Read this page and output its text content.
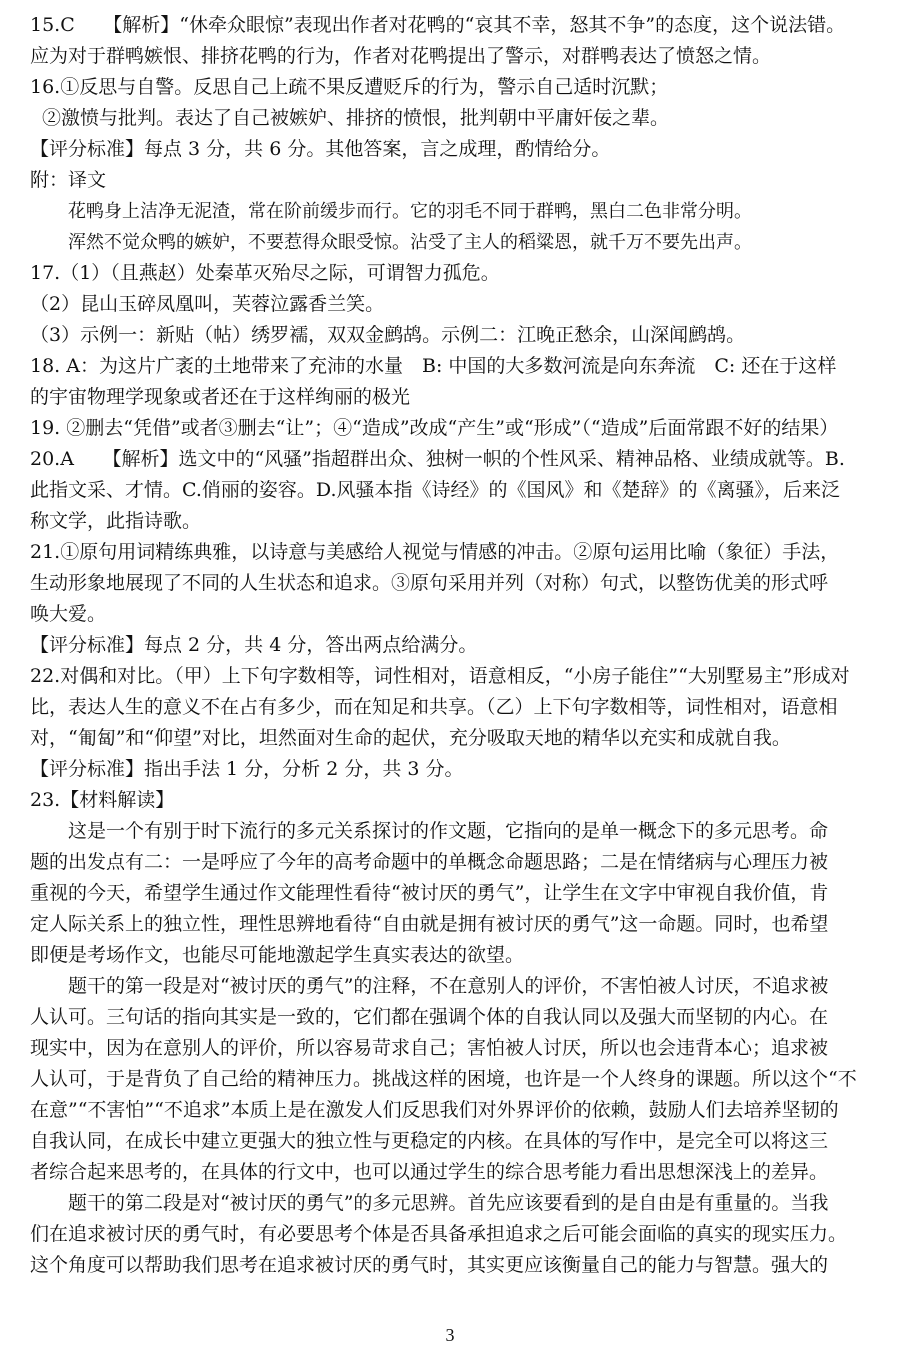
15.C　　【解析】“休牵众眼惊”表现出作者对花鸭的“哀其不幸，怒其不争”的态度，这个说法错。
应为对于群鸭嫉恨、排挤花鸭的行为，作者对花鸭提出了警示，对群鸭表达了愤怒之情。
16.①反思与自警。反思自己上疏不果反遭贬斥的行为，警示自己适时沉默；
②激愤与批判。表达了自己被嫉妒、排挤的愤恨，批判朝中平庸奸佞之辈。
【评分标准】每点 3 分，共 6 分。其他答案，言之成理，酌情给分。
附：译文
花鸭身上洁净无泥渣，常在阶前缓步而行。它的羽毛不同于群鸭，黑白二色非常分明。
浑然不觉众鸭的嫉妒，不要惹得众眼受惊。沾受了主人的稻粱恩，就千万不要先出声。
17.（1）（且燕赵）处秦革灭殆尽之际，可谓智力孤危。
（2）昆山玉碎凤凰叫，芙蓉泣露香兰笑。
（3）示例一：新贴（帖）绣罗襦，双双金鹧鸪。示例二：江晚正愁余，山深闻鹧鸪。
18. A：为这片广袤的土地带来了充沛的水量　B: 中国的大多数河流是向东奔流　C: 还在于这样
的宇宙物理学现象或者还在于这样绚丽的极光
19. ②删去“凭借”或者③删去“让”；④“造成”改成“产生”或“形成”（“造成”后面常跟不好的结果）
20.A　　【解析】选文中的“风骚”指超群出众、独树一帜的个性风采、精神品格、业绩成就等。B.
此指文采、才情。C.俏丽的姿容。D.风骚本指《诗经》的《国风》和《楚辞》的《离骚》，后来泛
称文学，此指诗歌。
21.①原句用词精练典雅，以诗意与美感给人视觉与情感的冲击。②原句运用比喻（象征）手法，
生动形象地展现了不同的人生状态和追求。③原句采用并列（对称）句式，以整饬优美的形式呼
唤大爱。
【评分标准】每点 2 分，共 4 分，答出两点给满分。
22.对偶和对比。（甲）上下句字数相等，词性相对，语意相反，“小房子能住”“大别墅易主”形成对
比，表达人生的意义不在占有多少，而在知足和共享。（乙）上下句字数相等，词性相对，语意相
对，“匍匐”和“仰望”对比，坦然面对生命的起伏，充分吸取天地的精华以充实和成就自我。
【评分标准】指出手法 1 分，分析 2 分，共 3 分。
23.【材料解读】
这是一个有别于时下流行的多元关系探讨的作文题，它指向的是单一概念下的多元思考。命
题的出发点有二：一是呼应了今年的高考命题中的单概念命题思路；二是在情绪病与心理压力被
重视的今天，希望学生通过作文能理性看待“被讨厌的勇气”，让学生在文字中审视自我价值，肯
定人际关系上的独立性，理性思辨地看待“自由就是拥有被讨厌的勇气”这一命题。同时，也希望
即便是考场作文，也能尽可能地激起学生真实表达的欲望。
题干的第一段是对“被讨厌的勇气”的注释，不在意别人的评价，不害怕被人讨厌，不追求被
人认可。三句话的指向其实是一致的，它们都在强调个体的自我认同以及强大而坚韧的内心。在
现实中，因为在意别人的评价，所以容易苛求自己；害怕被人讨厌，所以也会违背本心；追求被
人认可，于是背负了自己给的精神压力。挑战这样的困境，也许是一个人终身的课题。所以这个“不
在意”“不害怕”“不追求”本质上是在激发人们反思我们对外界评价的依赖，鼓励人们去培养坚韧的
自我认同，在成长中建立更强大的独立性与更稳定的内核。在具体的写作中，是完全可以将这三
者综合起来思考的，在具体的行文中，也可以通过学生的综合思考能力看出思想深浅上的差异。
题干的第二段是对“被讨厌的勇气”的多元思辨。首先应该要看到的是自由是有重量的。当我
们在追求被讨厌的勇气时，有必要思考个体是否具备承担追求之后可能会面临的真实的现实压力。
这个角度可以帮助我们思考在追求被讨厌的勇气时，其实更应该衡量自己的能力与智慧。强大的
3
